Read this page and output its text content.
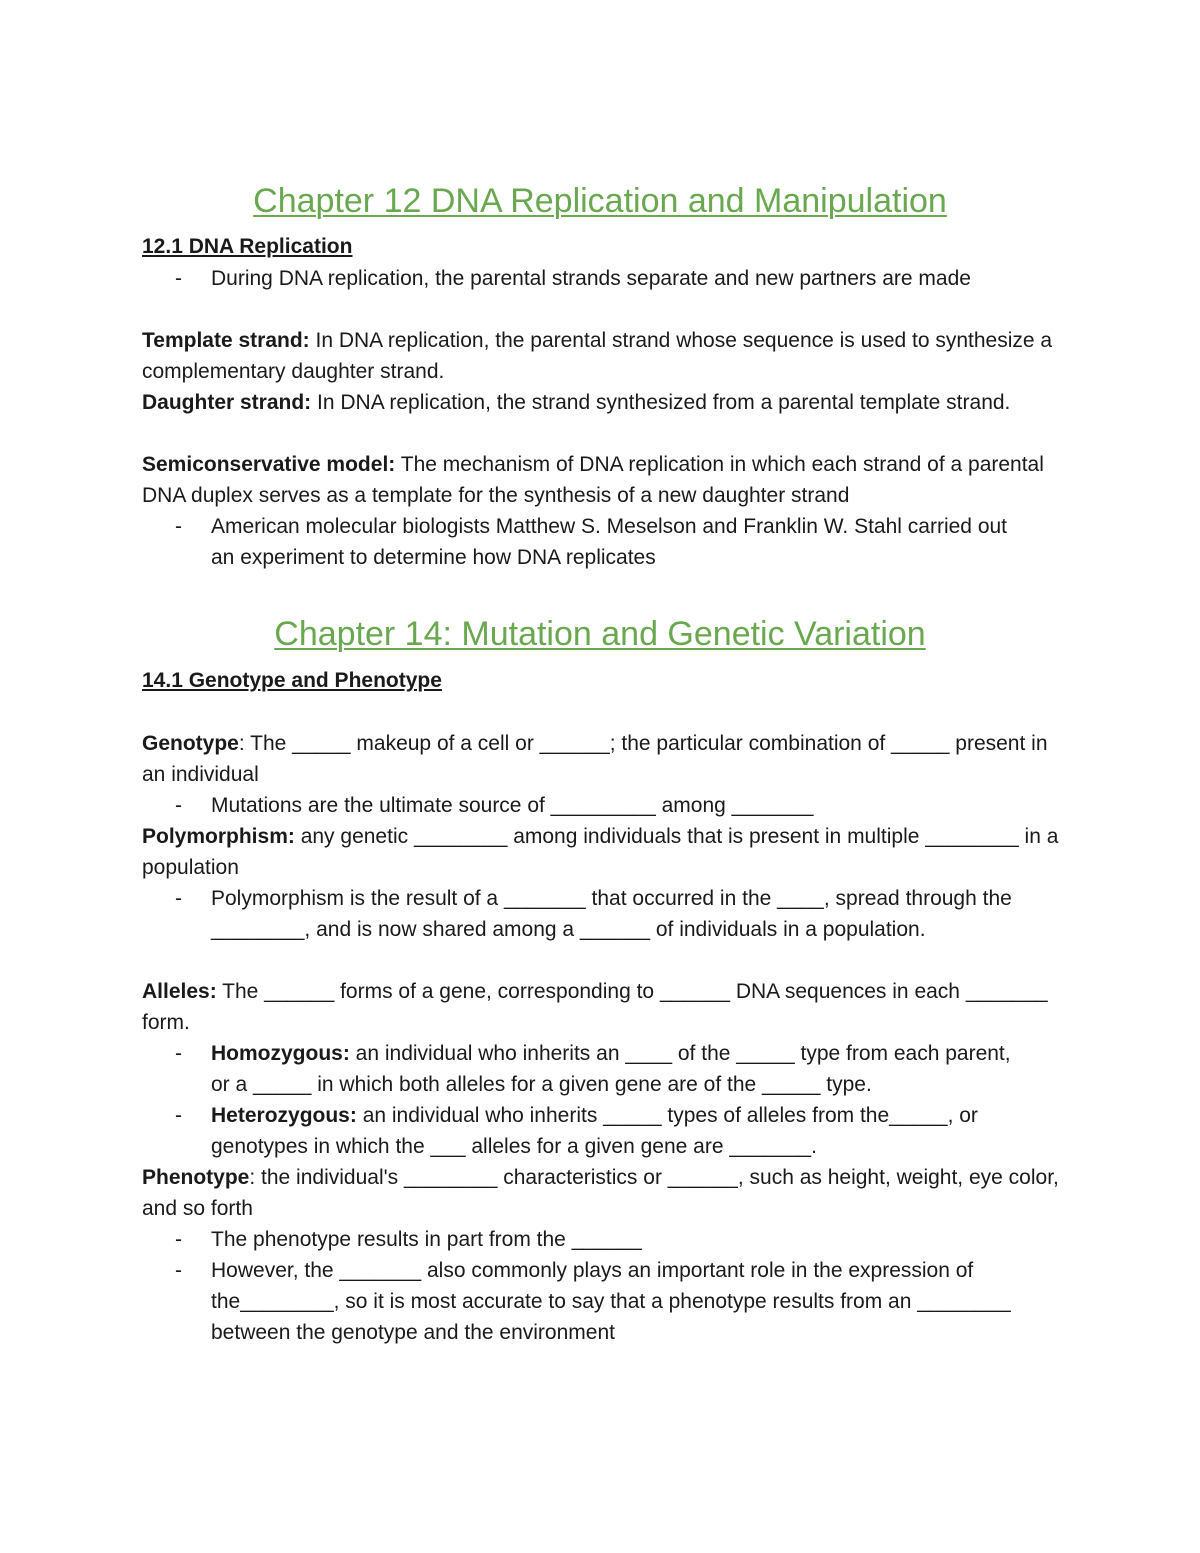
Chapter 12 DNA Replication and Manipulation
12.1 DNA Replication
- During DNA replication, the parental strands separate and new partners are made

Template strand: In DNA replication, the parental strand whose sequence is used to synthesize a complementary daughter strand.

Daughter strand: In DNA replication, the strand synthesized from a parental template strand.

Semiconservative model: The mechanism of DNA replication in which each strand of a parental DNA duplex serves as a template for the synthesis of a new daughter strand

- American molecular biologists Matthew S. Meselson and Franklin W. Stahl carried out an experiment to determine how DNA replicates
Chapter 14: Mutation and Genetic Variation
14.1 Genotype and Phenotype

Genotype: The _____ makeup of a cell or ______; the particular combination of _____ present in an individual

- Mutations are the ultimate source of _________ among _______

Polymorphism: any genetic ________ among individuals that is present in multiple ________ in a population

- Polymorphism is the result of a _______ that occurred in the ____, spread through the ________, and is now shared among a ______ of individuals in a population.

Alleles: The ______ forms of a gene, corresponding to ______ DNA sequences in each _______ form.

- Homozygous: an individual who inherits an ____ of the _____ type from each parent, or a _____ in which both alleles for a given gene are of the _____ type.
- Heterozygous: an individual who inherits _____ types of alleles from the_____, or genotypes in which the ___ alleles for a given gene are _______.

Phenotype: the individual's ________ characteristics or ______, such as height, weight, eye color, and so forth

- The phenotype results in part from the ______
- However, the _______ also commonly plays an important role in the expression of the________, so it is most accurate to say that a phenotype results from an ________ between the genotype and the environment
